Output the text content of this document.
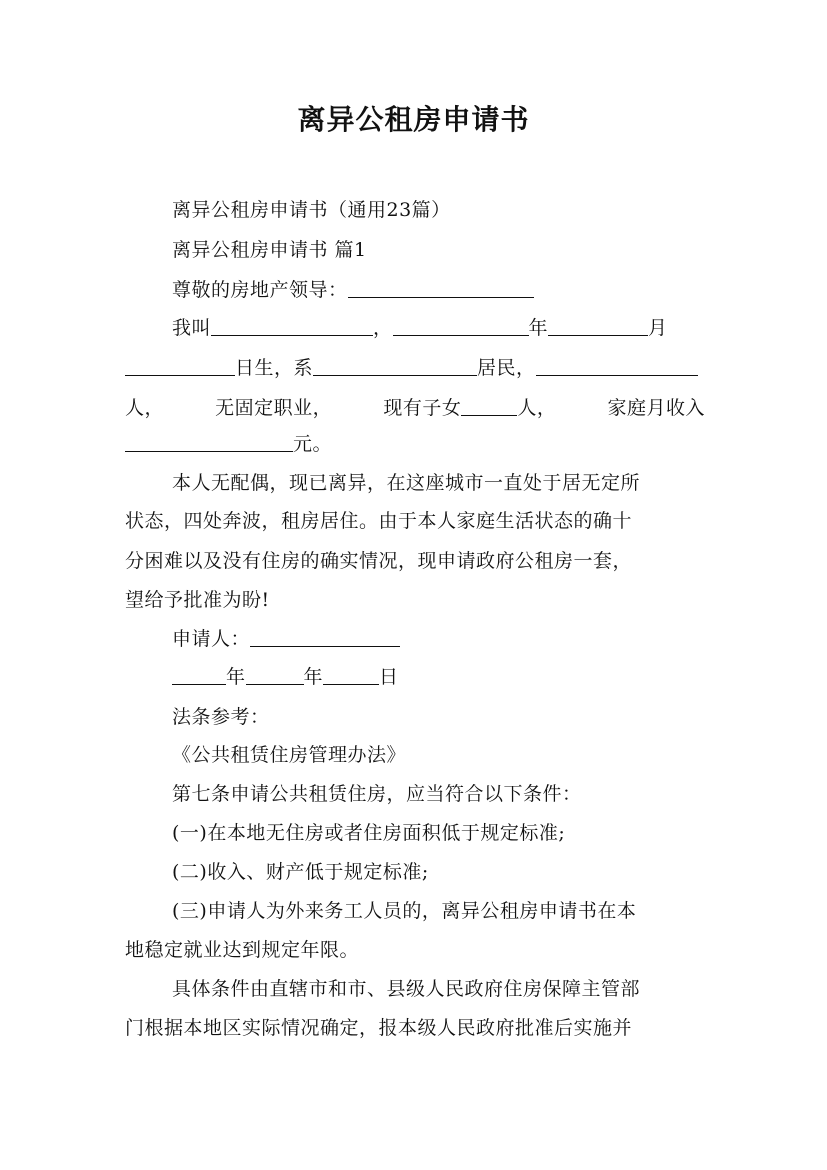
离异公租房申请书
离异公租房申请书（通用23篇）
离异公租房申请书 篇1
尊敬的房地产领导：
我叫	，	年	月
日生，系	居民，
人，	无固定职业，	现有子女	人，	家庭月收入
元。
本人无配偶，现已离异，在这座城市一直处于居无定所
状态，四处奔波，租房居住。由于本人家庭生活状态的确十
分困难以及没有住房的确实情况，现申请政府公租房一套，
望给予批准为盼!
申请人：
年	年	日
法条参考：
《公共租赁住房管理办法》
第七条申请公共租赁住房，应当符合以下条件：
(一)在本地无住房或者住房面积低于规定标准;
(二)收入、财产低于规定标准;
(三)申请人为外来务工人员的，离异公租房申请书在本
地稳定就业达到规定年限。
具体条件由直辖市和市、县级人民政府住房保障主管部
门根据本地区实际情况确定，报本级人民政府批准后实施并
